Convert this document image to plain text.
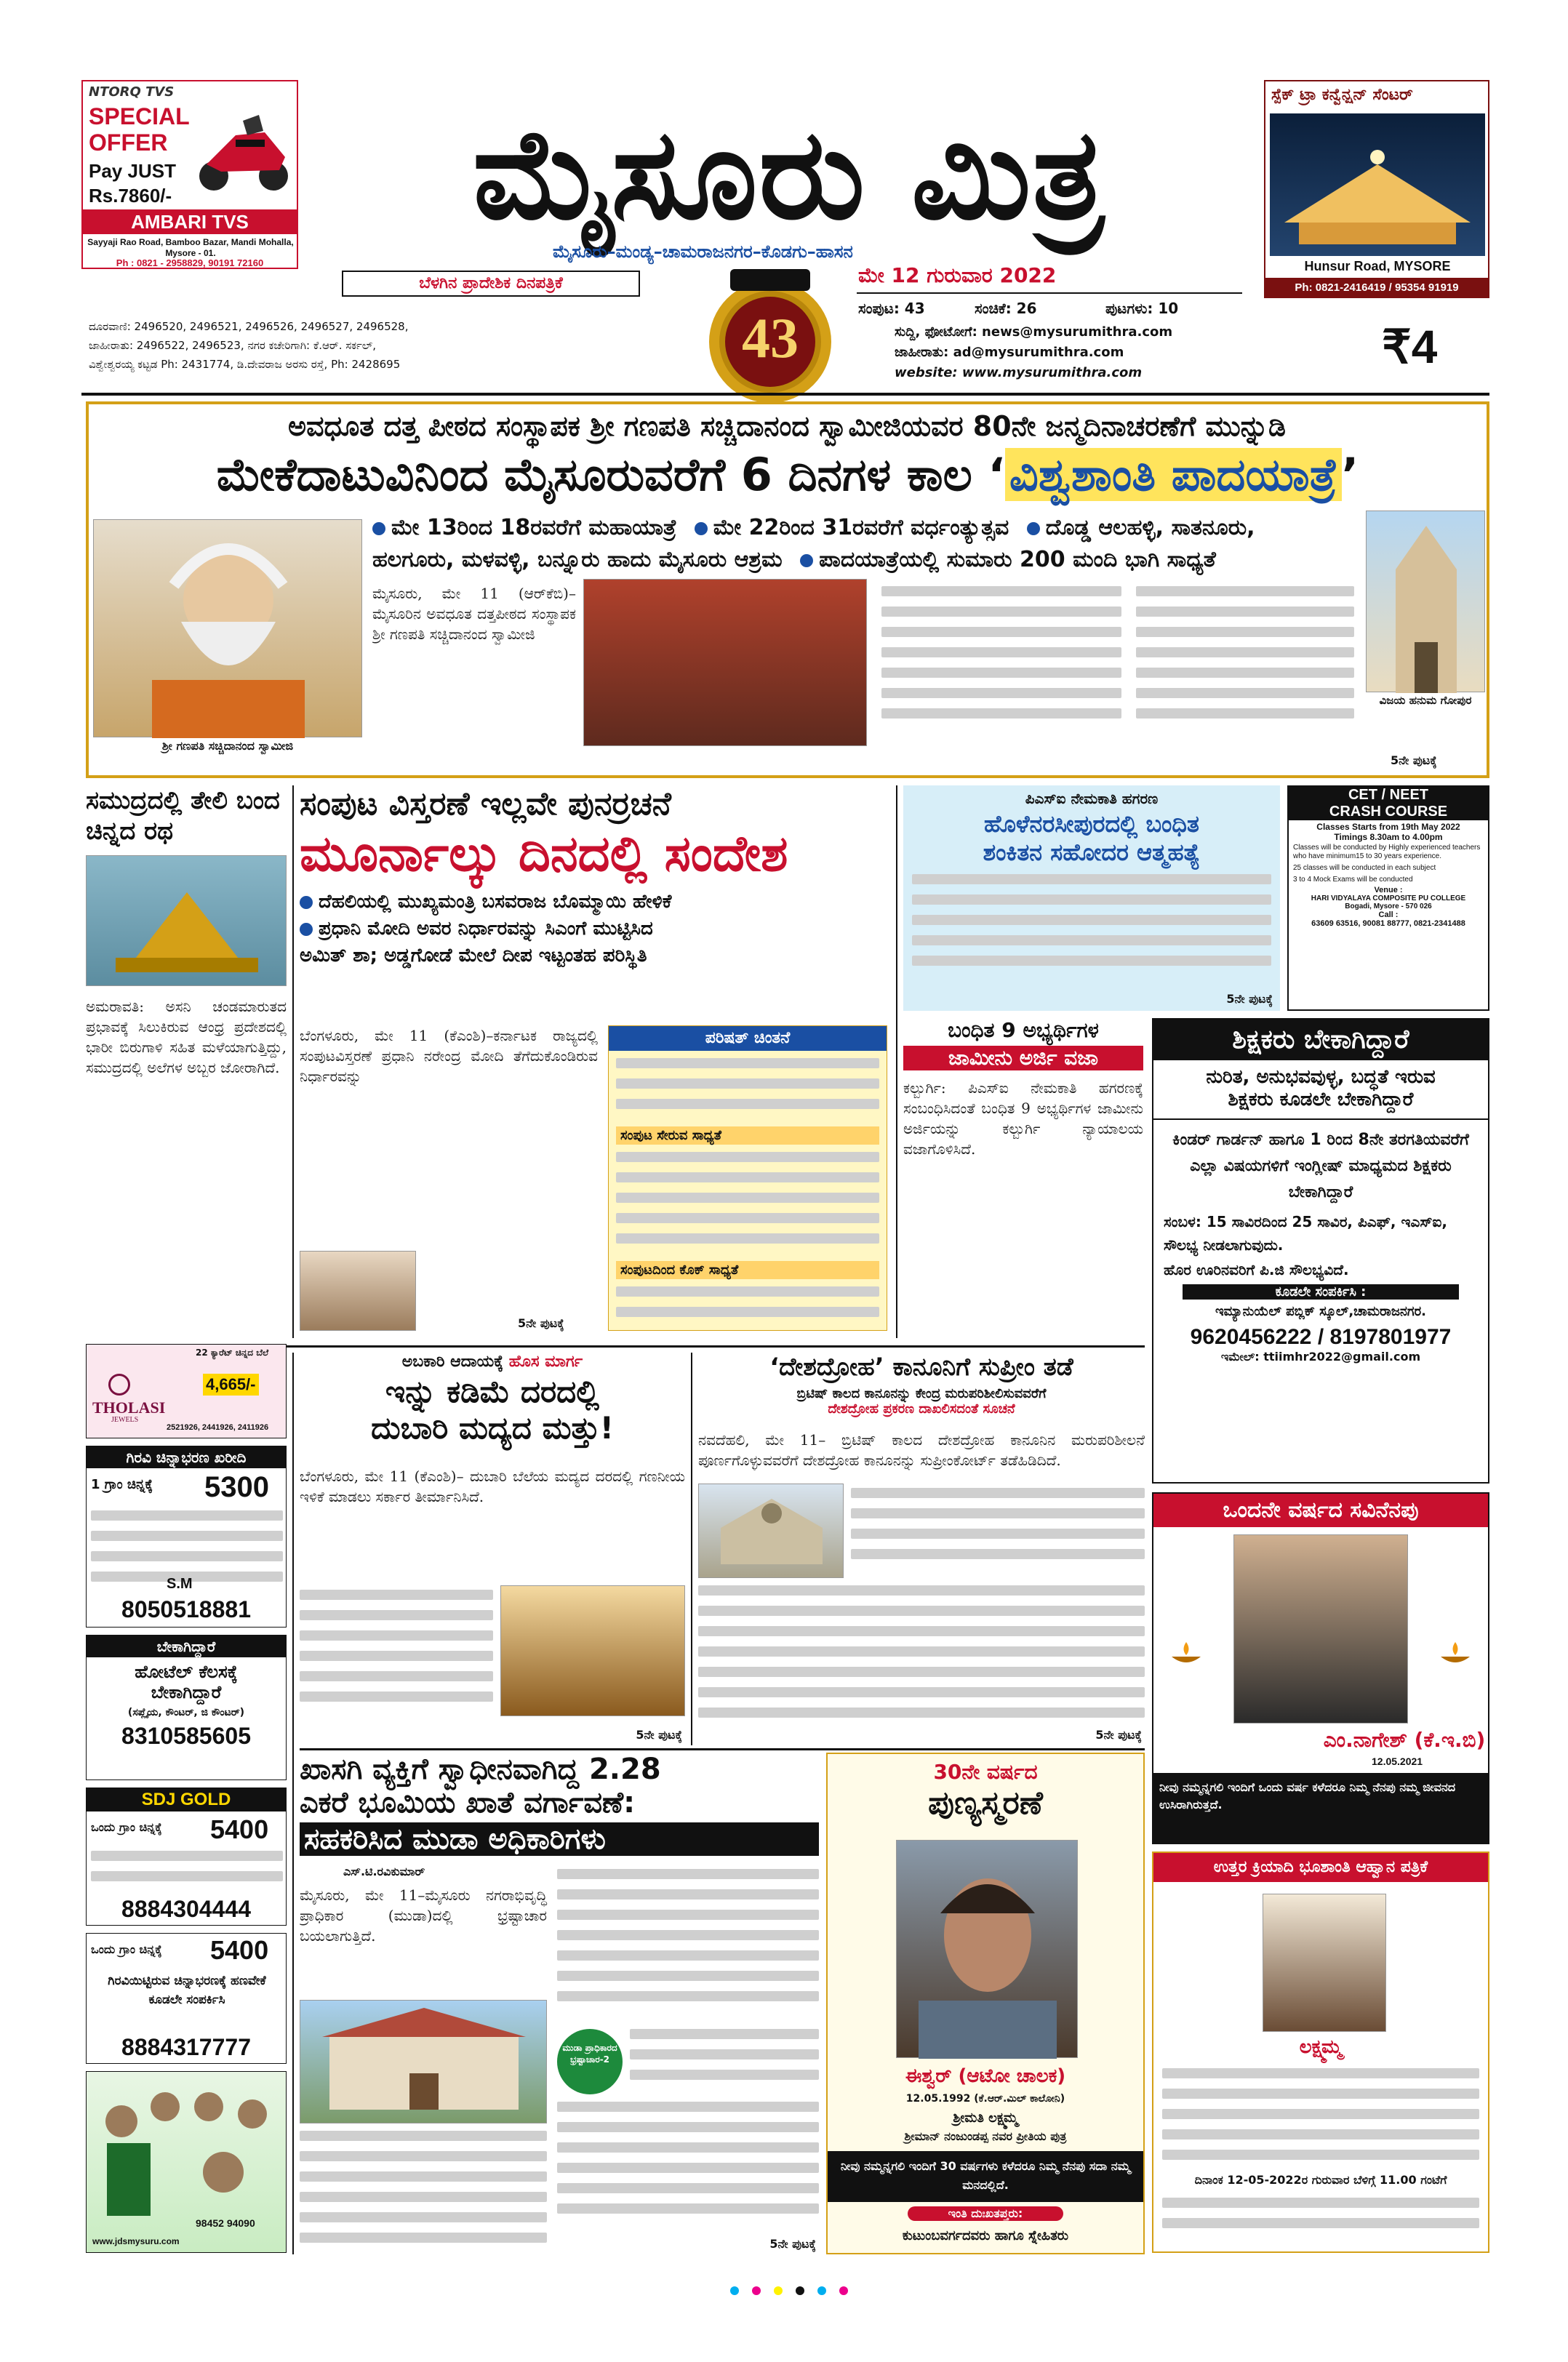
NTORQ TVS
SPECIAL
OFFER
Pay JUST
Rs.7860/-
AMBARI TVS
Sayyaji Rao Road, Bamboo Bazar, Mandi Mohalla, Mysore - 01.
Ph : 0821 - 2958829, 90191 72160
ಮೈಸೂರು ಮಿತ್ರ
ಮೈಸೂರು–ಮಂಡ್ಯ–ಚಾಮರಾಜನಗರ–ಕೊಡಗು–ಹಾಸನ
ಬೆಳಗಿನ ಪ್ರಾದೇಶಿಕ ದಿನಪತ್ರಿಕೆ
43
ಮೇ 12 ಗುರುವಾರ 2022
ಸಂಪುಟ: 43	ಸಂಚಿಕೆ: 26	ಪುಟಗಳು: 10
ಸುದ್ದಿ, ಫೋಟೋಗೆ: news@mysurumithra.com
ಜಾಹೀರಾತು: ad@mysurumithra.com
website: www.mysurumithra.com	₹4
ದೂರವಾಣಿ: 2496520, 2496521, 2496526, 2496527, 2496528,
ಜಾಹೀರಾತು: 2496522, 2496523, ನಗರ ಕಚೇರಿಗಾಗಿ: ಕೆ.ಆರ್. ಸರ್ಕಲ್,
ವಿಶ್ವೇಶ್ವರಯ್ಯ ಕಟ್ಟಡ Ph: 2431774, ಡಿ.ದೇವರಾಜ ಅರಸು ರಸ್ತೆ, Ph: 2428695
ಸ್ಪೆಕ್ ಟ್ರಾ ಕನ್ವೆನ್ಷನ್ ಸೆಂಟರ್
Hunsur Road, MYSORE
Ph: 0821-2416419 / 95354 91919
ಅವಧೂತ ದತ್ತ ಪೀಠದ ಸಂಸ್ಥಾಪಕ ಶ್ರೀ ಗಣಪತಿ ಸಚ್ಚಿದಾನಂದ ಸ್ವಾಮೀಜಿಯವರ 80ನೇ ಜನ್ಮದಿನಾಚರಣೆಗೆ ಮುನ್ನುಡಿ
ಮೇಕೆದಾಟುವಿನಿಂದ ಮೈಸೂರುವರೆಗೆ 6 ದಿನಗಳ ಕಾಲ ‘ವಿಶ್ವಶಾಂತಿ ಪಾದಯಾತ್ರೆ’
ಶ್ರೀ ಗಣಪತಿ ಸಚ್ಚಿದಾನಂದ ಸ್ವಾಮೀಜಿ
ಮೇ 13ರಿಂದ 18ರವರೆಗೆ ಮಹಾಯಾತ್ರೆ ಮೇ 22ರಿಂದ 31ರವರೆಗೆ ವರ್ಧಂತ್ಯುತ್ಸವ ದೊಡ್ಡ ಆಲಹಳ್ಳಿ, ಸಾತನೂರು,
ಹಲಗೂರು, ಮಳವಳ್ಳಿ, ಬನ್ನೂರು ಹಾದು ಮೈಸೂರು ಆಶ್ರಮ ಪಾದಯಾತ್ರೆಯಲ್ಲಿ ಸುಮಾರು 200 ಮಂದಿ ಭಾಗಿ ಸಾಧ್ಯತೆ
ಮೈಸೂರು, ಮೇ 11 (ಆರ್‌ಕೆಬಿ)– ಮೈಸೂರಿನ ಅವಧೂತ ದತ್ತಪೀಠದ ಸಂಸ್ಥಾಪಕ ಶ್ರೀ ಗಣಪತಿ ಸಚ್ಚಿದಾನಂದ ಸ್ವಾಮೀಜಿ
ವಿಜಯ ಹನುಮ ಗೋಪುರ
5ನೇ ಪುಟಕ್ಕೆ
ಸಮುದ್ರದಲ್ಲಿ ತೇಲಿ ಬಂದ ಚಿನ್ನದ ರಥ
ಅಮರಾವತಿ: ಅಸನಿ ಚಂಡಮಾರುತದ ಪ್ರಭಾವಕ್ಕೆ ಸಿಲುಕಿರುವ ಆಂಧ್ರ ಪ್ರದೇಶದಲ್ಲಿ ಭಾರೀ ಬಿರುಗಾಳಿ ಸಹಿತ ಮಳೆಯಾಗುತ್ತಿದ್ದು, ಸಮುದ್ರದಲ್ಲಿ ಅಲೆಗಳ ಅಬ್ಬರ ಜೋರಾಗಿದೆ.
ಸಂಪುಟ ವಿಸ್ತರಣೆ ಇಲ್ಲವೇ ಪುನರ್ರಚನೆ
ಮೂರ್ನಾಲ್ಕು ದಿನದಲ್ಲಿ ಸಂದೇಶ
ದೆಹಲಿಯಲ್ಲಿ ಮುಖ್ಯಮಂತ್ರಿ ಬಸವರಾಜ ಬೊಮ್ಮಾಯಿ ಹೇಳಿಕೆ
ಪ್ರಧಾನಿ ಮೋದಿ ಅವರ ನಿರ್ಧಾರವನ್ನು ಸಿಎಂಗೆ ಮುಟ್ಟಿಸಿದ
ಅಮಿತ್ ಶಾ; ಅಡ್ಡಗೋಡೆ ಮೇಲೆ ದೀಪ ಇಟ್ಟಂತಹ ಪರಿಸ್ಥಿತಿ
ಬೆಂಗಳೂರು, ಮೇ 11 (ಕೆಎಂಶಿ)–ಕರ್ನಾಟಕ ರಾಜ್ಯದಲ್ಲಿ ಸಂಪುಟವಿಸ್ತರಣೆ ಪ್ರಧಾನಿ ನರೇಂದ್ರ ಮೋದಿ ತೆಗೆದುಕೊಂಡಿರುವ ನಿರ್ಧಾರವನ್ನು
5ನೇ ಪುಟಕ್ಕೆ
ಪರಿಷತ್ ಚಿಂತನೆ
ಸಂಪುಟ ಸೇರುವ ಸಾಧ್ಯತೆ
ಸಂಪುಟದಿಂದ ಕೊಕ್ ಸಾಧ್ಯತೆ
ಪಿಎಸ್ಐ ನೇಮಕಾತಿ ಹಗರಣ
ಹೊಳೆನರಸೀಪುರದಲ್ಲಿ ಬಂಧಿತ
ಶಂಕಿತನ ಸಹೋದರ ಆತ್ಮಹತ್ಯೆ
5ನೇ ಪುಟಕ್ಕೆ
CET / NEET
CRASH COURSE
Classes Starts from 19th May 2022
Timings 8.30am to 4.00pm
Classes will be conducted by Highly experienced teachers who have minimum15 to 30 years experience.
25 classes will be conducted in each subject
3 to 4 Mock Exams will be conducted
Venue :
HARI VIDYALAYA COMPOSITE PU COLLEGE
Bogadi, Mysore - 570 026
Call :
63609 63516, 90081 88777, 0821-2341488
ಬಂಧಿತ 9 ಅಭ್ಯರ್ಥಿಗಳ
ಜಾಮೀನು ಅರ್ಜಿ ವಜಾ
ಕಲ್ಬುರ್ಗಿ: ಪಿಎಸ್ಐ ನೇಮಕಾತಿ ಹಗರಣಕ್ಕೆ ಸಂಬಂಧಿಸಿದಂತೆ ಬಂಧಿತ 9 ಅಭ್ಯರ್ಥಿಗಳ ಜಾಮೀನು ಅರ್ಜಿಯನ್ನು ಕಲ್ಬುರ್ಗಿ ನ್ಯಾಯಾಲಯ ವಜಾಗೊಳಿಸಿದೆ.
ಶಿಕ್ಷಕರು ಬೇಕಾಗಿದ್ದಾರೆ
ನುರಿತ, ಅನುಭವವುಳ್ಳ, ಬದ್ಧತೆ ಇರುವ
ಶಿಕ್ಷಕರು ಕೂಡಲೇ ಬೇಕಾಗಿದ್ದಾರೆ
ಕಿಂಡರ್ ಗಾರ್ಡನ್ ಹಾಗೂ 1 ರಿಂದ 8ನೇ ತರಗತಿಯವರೆಗೆ ಎಲ್ಲಾ ವಿಷಯಗಳಿಗೆ ಇಂಗ್ಲೀಷ್ ಮಾಧ್ಯಮದ ಶಿಕ್ಷಕರು ಬೇಕಾಗಿದ್ದಾರೆ
ಸಂಬಳ: 15 ಸಾವಿರದಿಂದ 25 ಸಾವಿರ, ಪಿಎಫ್, ಇಎಸ್ಐ, ಸೌಲಭ್ಯ ನೀಡಲಾಗುವುದು.
ಹೊರ ಊರಿನವರಿಗೆ ಪಿ.ಜಿ ಸೌಲಭ್ಯವಿದೆ.
ಕೂಡಲೇ ಸಂಪರ್ಕಿಸಿ :
ಇಮ್ಯಾನುಯೆಲ್ ಪಬ್ಲಿಕ್ ಸ್ಕೂಲ್,ಚಾಮರಾಜನಗರ.
9620456222 / 8197801977
ಇಮೇಲ್: ttiimhr2022@gmail.com
22 ಕ್ಯಾರೆಟ್ ಚಿನ್ನದ ಬೆಲೆ
THOLASI
JEWELS
4,665/-
2521926, 2441926, 2411926
ಗಿರವಿ ಚಿನ್ನಾಭರಣ ಖರೀದಿ
1 ಗ್ರಾಂ ಚಿನ್ನಕ್ಕೆ 5300
S.M
8050518881
ಬೇಕಾಗಿದ್ದಾರೆ
ಹೋಟೆಲ್ ಕೆಲಸಕ್ಕೆ
ಬೇಕಾಗಿದ್ದಾರೆ
(ಸಪ್ಲೈಯ, ಕೌಂಟರ್, ಜಿ ಕೌಂಟರ್)
8310585605
SDJ GOLD
ಒಂದು ಗ್ರಾಂ ಚಿನ್ನಕ್ಕೆ 5400
8884304444
ಒಂದು ಗ್ರಾಂ ಚಿನ್ನಕ್ಕೆ 5400
ಗಿರವಿಯಿಟ್ಟಿರುವ ಚಿನ್ನಾಭರಣಕ್ಕೆ ಹಣವೇಕೆ ಕೂಡಲೇ ಸಂಪರ್ಕಿಸಿ
8884317777
98452 94090
www.jdsmysuru.com
ಅಬಕಾರಿ ಆದಾಯಕ್ಕೆ ಹೊಸ ಮಾರ್ಗ
ಇನ್ನು ಕಡಿಮೆ ದರದಲ್ಲಿ
ದುಬಾರಿ ಮದ್ಯದ ಮತ್ತು!
ಬೆಂಗಳೂರು, ಮೇ 11 (ಕೆಎಂಶಿ)– ದುಬಾರಿ ಬೆಲೆಯ ಮದ್ಯದ ದರದಲ್ಲಿ ಗಣನೀಯ ಇಳಿಕೆ ಮಾಡಲು ಸರ್ಕಾರ ತೀರ್ಮಾನಿಸಿದೆ.
5ನೇ ಪುಟಕ್ಕೆ
‘ದೇಶದ್ರೋಹ’ ಕಾನೂನಿಗೆ ಸುಪ್ರೀಂ ತಡೆ
ಬ್ರಿಟಿಷ್ ಕಾಲದ ಕಾನೂನನ್ನು ಕೇಂದ್ರ ಮರುಪರಿಶೀಲಿಸುವವರೆಗೆ
ದೇಶದ್ರೋಹ ಪ್ರಕರಣ ದಾಖಲಿಸದಂತೆ ಸೂಚನೆ
ನವದೆಹಲಿ, ಮೇ 11– ಬ್ರಿಟಿಷ್ ಕಾಲದ ದೇಶದ್ರೋಹ ಕಾನೂನಿನ ಮರುಪರಿಶೀಲನೆ ಪೂರ್ಣಗೊಳ್ಳುವವರೆಗೆ ದೇಶದ್ರೋಹ ಕಾನೂನನ್ನು ಸುಪ್ರೀಂಕೋರ್ಟ್ ತಡೆಹಿಡಿದಿದೆ.
5ನೇ ಪುಟಕ್ಕೆ
ಒಂದನೇ ವರ್ಷದ ಸವಿನೆನಪು
ಎಂ.ನಾಗೇಶ್ (ಕೆ.ಇ.ಬಿ)
12.05.2021
ನೀವು ನಮ್ಮನ್ನಗಲಿ ಇಂದಿಗೆ ಒಂದು ವರ್ಷ ಕಳೆದರೂ ನಿಮ್ಮ ನೆನಪು ನಮ್ಮ ಜೀವನದ ಉಸಿರಾಗಿರುತ್ತದೆ.
ಉತ್ತರ ಕ್ರಿಯಾದಿ ಭೂಶಾಂತಿ ಆಹ್ವಾನ ಪತ್ರಿಕೆ
ಲಕ್ಷ್ಮಮ್ಮ
ದಿನಾಂಕ 12-05-2022ರ ಗುರುವಾರ ಬೆಳಿಗ್ಗೆ 11.00 ಗಂಟೆಗೆ
ಖಾಸಗಿ ವ್ಯಕ್ತಿಗೆ ಸ್ವಾಧೀನವಾಗಿದ್ದ 2.28
ಎಕರೆ ಭೂಮಿಯ ಖಾತೆ ವರ್ಗಾವಣೆ:
ಸಹಕರಿಸಿದ ಮುಡಾ ಅಧಿಕಾರಿಗಳು
ಎಸ್.ಟಿ.ರವಿಕುಮಾರ್
ಮೈಸೂರು, ಮೇ 11–ಮೈಸೂರು ನಗರಾಭಿವೃದ್ಧಿ ಪ್ರಾಧಿಕಾರ (ಮುಡಾ)ದಲ್ಲಿ ಭ್ರಷ್ಟಾಚಾರ ಬಯಲಾಗುತ್ತಿದೆ.
ಮುಡಾ ಪ್ರಾಧಿಕಾರದ ಭ್ರಷ್ಟಾಚಾರ-2
5ನೇ ಪುಟಕ್ಕೆ
30ನೇ ವರ್ಷದ
ಪುಣ್ಯಸ್ಮರಣೆ
ಈಶ್ವರ್ (ಆಟೋ ಚಾಲಕ)
12.05.1992 (ಕೆ.ಆರ್.ಮಿಲ್ ಕಾಲೋನಿ)
ಶ್ರೀಮತಿ ಲಕ್ಷ್ಮಮ್ಮ
ಶ್ರೀಮಾನ್ ನಂಜುಂಡಪ್ಪ ನವರ ಪ್ರೀತಿಯ ಪುತ್ರ
ನೀವು ನಮ್ಮನ್ನಗಲಿ ಇಂದಿಗೆ 30 ವರ್ಷಗಳು ಕಳೆದರೂ ನಿಮ್ಮ ನೆನಪು ಸದಾ ನಮ್ಮ ಮನದಲ್ಲಿದೆ.
ಇಂತಿ ದುಃಖತಪ್ತರು:
ಕುಟುಂಬವರ್ಗದವರು ಹಾಗೂ ಸ್ನೇಹಿತರು
